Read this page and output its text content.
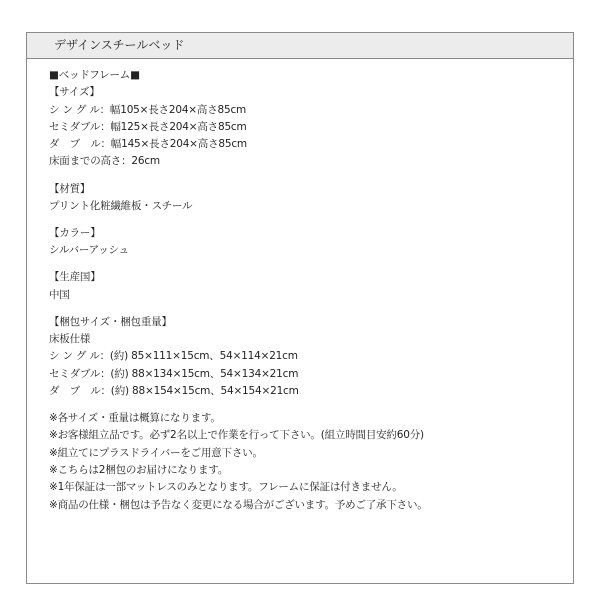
デザインスチールベッド
■ベッドフレーム■
【サイズ】
シ ン グ ル：幅105×長さ204×高さ85cm
セミダブル：幅125×長さ204×高さ85cm
ダ　ブ　ル：幅145×長さ204×高さ85cm
床面までの高さ：26cm
【材質】
プリント化粧繊維板・スチール
【カラー】
シルバーアッシュ
【生産国】
中国
【梱包サイズ・梱包重量】
床板仕様
シ ン グ ル：(約) 85×111×15cm、54×114×21cm
セミダブル：(約) 88×134×15cm、54×134×21cm
ダ　ブ　ル：(約) 88×154×15cm、54×154×21cm
※各サイズ・重量は概算になります。
※お客様組立品です。必ず2名以上で作業を行って下さい。(組立時間目安約60分)
※組立てにプラスドライバーをご用意下さい。
※こちらは2梱包のお届けになります。
※1年保証は一部マットレスのみとなります。フレームに保証は付きません。
※商品の仕様・梱包は予告なく変更になる場合がございます。予めご了承下さい。
